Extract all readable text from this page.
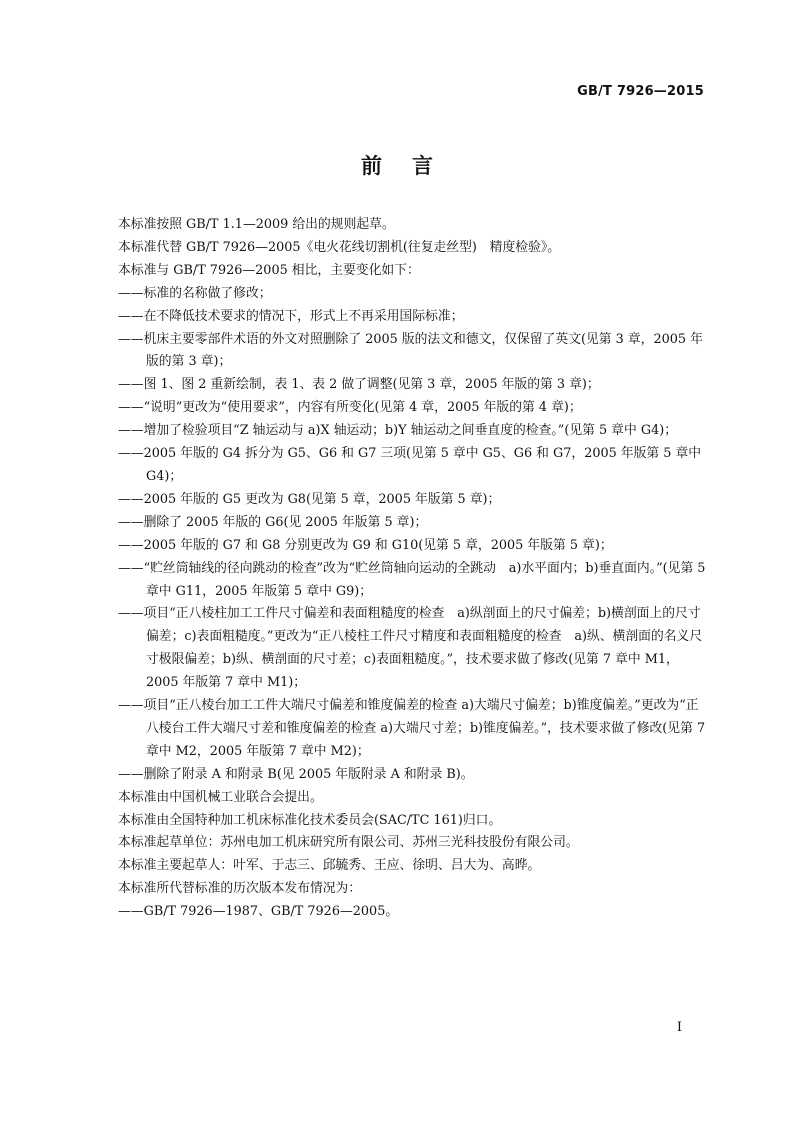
GB/T 7926—2015
前言

本标准按照 GB/T 1.1—2009 给出的规则起草。

本标准代替 GB/T 7926—2005《电火花线切割机(往复走丝型)　精度检验》。

本标准与 GB/T 7926—2005 相比，主要变化如下：

——标准的名称做了修改；

——在不降低技术要求的情况下，形式上不再采用国际标准；

——机床主要零部件术语的外文对照删除了 2005 版的法文和德文，仅保留了英文(见第 3 章，2005 年版的第 3 章)；

——图 1、图 2 重新绘制，表 1、表 2 做了调整(见第 3 章，2005 年版的第 3 章)；

——“说明”更改为“使用要求”，内容有所变化(见第 4 章，2005 年版的第 4 章)；

——增加了检验项目“Z 轴运动与 a)X 轴运动；b)Y 轴运动之间垂直度的检查。”(见第 5 章中 G4)；

——2005 年版的 G4 拆分为 G5、G6 和 G7 三项(见第 5 章中 G5、G6 和 G7，2005 年版第 5 章中 G4)；

——2005 年版的 G5 更改为 G8(见第 5 章，2005 年版第 5 章)；

——删除了 2005 年版的 G6(见 2005 年版第 5 章)；

——2005 年版的 G7 和 G8 分别更改为 G9 和 G10(见第 5 章，2005 年版第 5 章)；

——“贮丝筒轴线的径向跳动的检查”改为“贮丝筒轴向运动的全跳动　a)水平面内；b)垂直面内。”(见第 5 章中 G11，2005 年版第 5 章中 G9)；

——项目“正八棱柱加工工件尺寸偏差和表面粗糙度的检查　a)纵剖面上的尺寸偏差；b)横剖面上的尺寸偏差；c)表面粗糙度。”更改为“正八棱柱工件尺寸精度和表面粗糙度的检查　a)纵、横剖面的名义尺寸极限偏差；b)纵、横剖面的尺寸差；c)表面粗糙度。”，技术要求做了修改(见第 7 章中 M1，2005 年版第 7 章中 M1)；

——项目“正八棱台加工工件大端尺寸偏差和锥度偏差的检查 a)大端尺寸偏差；b)锥度偏差。”更改为“正八棱台工件大端尺寸差和锥度偏差的检查 a)大端尺寸差；b)锥度偏差。”，技术要求做了修改(见第 7 章中 M2，2005 年版第 7 章中 M2)；

——删除了附录 A 和附录 B(见 2005 年版附录 A 和附录 B)。

本标准由中国机械工业联合会提出。

本标准由全国特种加工机床标准化技术委员会(SAC/TC 161)归口。

本标准起草单位：苏州电加工机床研究所有限公司、苏州三光科技股份有限公司。

本标准主要起草人：叶军、于志三、邱毓秀、王应、徐明、吕大为、高晔。

本标准所代替标准的历次版本发布情况为：

——GB/T 7926—1987、GB/T 7926—2005。

I
